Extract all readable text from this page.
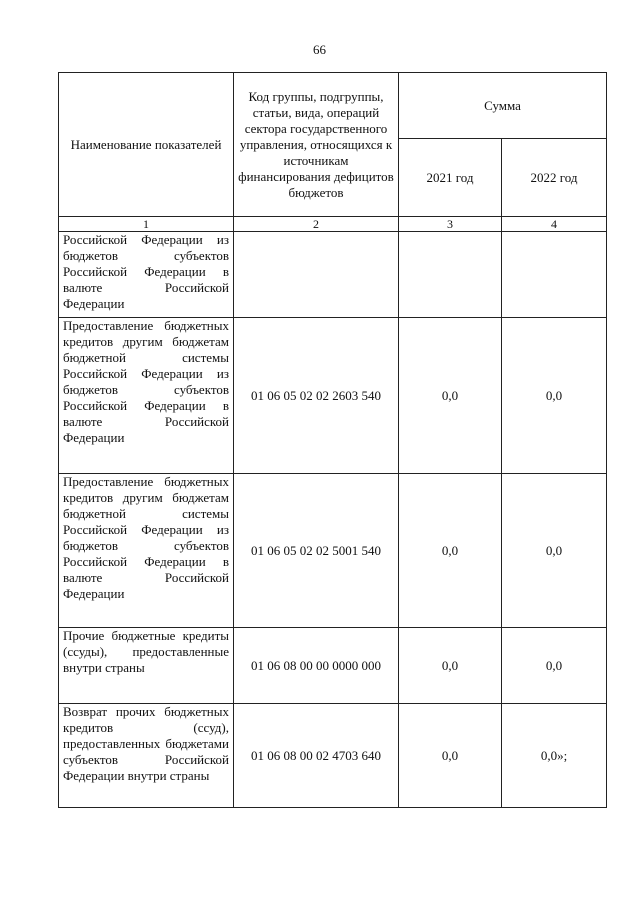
66
Наименование показателей	Код группы, подгруппы, статьи, вида, операций сектора государственного управления, относящихся к источникам финансирования дефицитов бюджетов	Сумма	
		2021 год	2022 год
1	2	3	4
Российской Федерации из бюджетов субъектов Российской Федерации в валюте Российской Федерации			
Предоставление бюджетных кредитов другим бюджетам бюджетной системы Российской Федерации из бюджетов субъектов Российской Федерации в валюте Российской Федерации	01 06 05 02 02 2603 540	0,0	0,0
Предоставление бюджетных кредитов другим бюджетам бюджетной системы Российской Федерации из бюджетов субъектов Российской Федерации в валюте Российской Федерации	01 06 05 02 02 5001 540	0,0	0,0
Прочие бюджетные кредиты (ссуды), предоставленные внутри страны	01 06 08 00 00 0000 000	0,0	0,0
Возврат прочих бюджетных кредитов (ссуд), предоставленных бюджетами субъектов Российской Федерации внутри страны	01 06 08 00 02 4703 640	0,0	0,0»;
